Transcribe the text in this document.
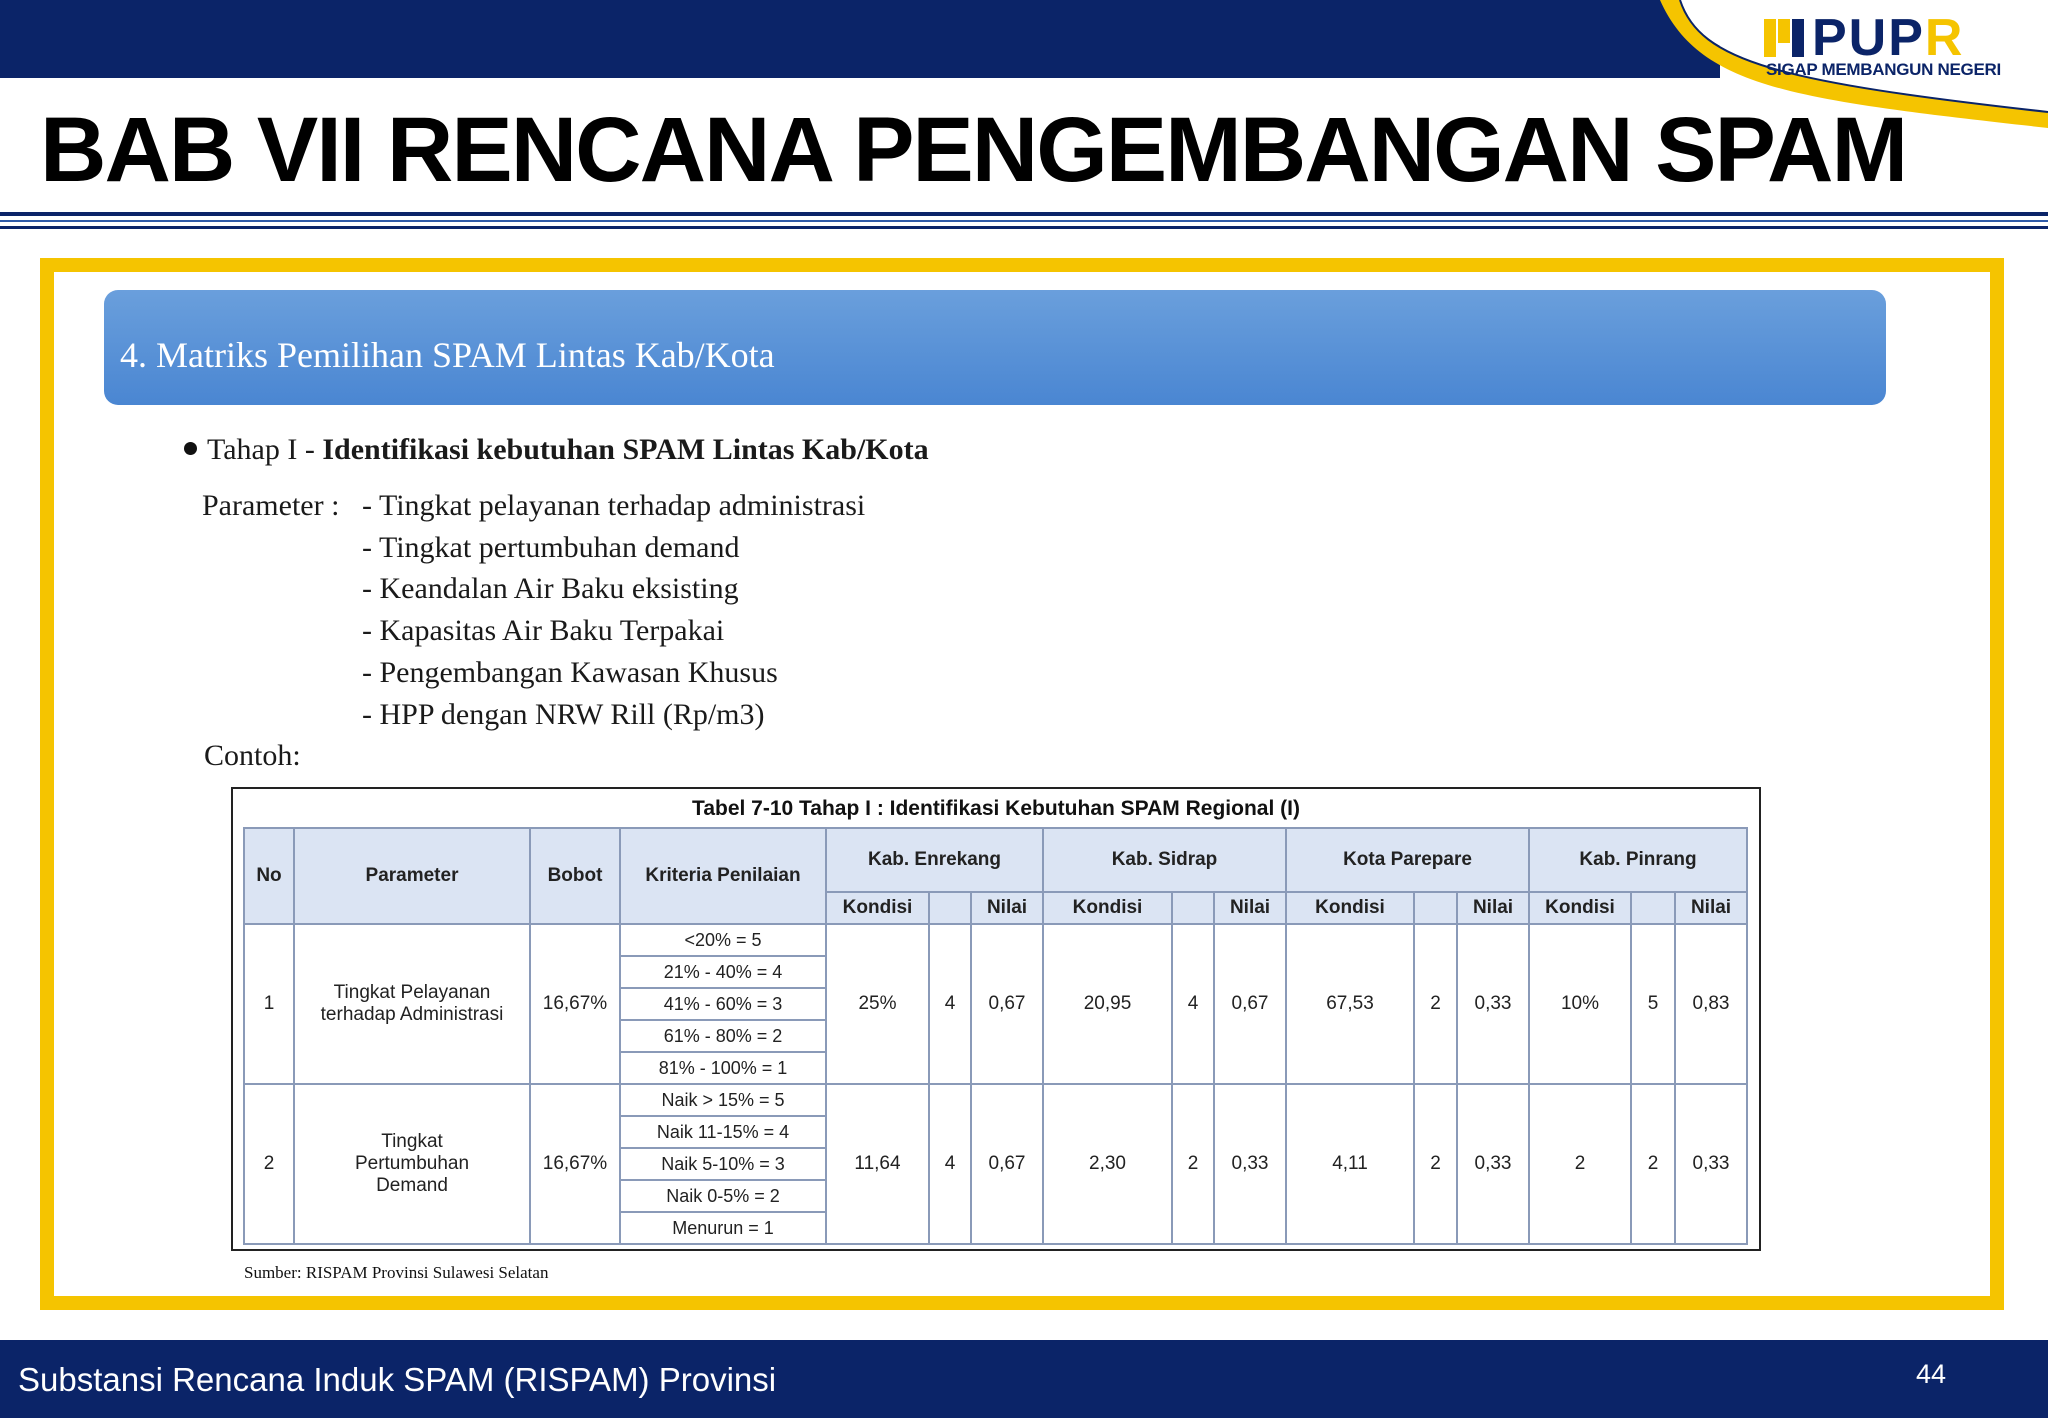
PUPR
SIGAP MEMBANGUN NEGERI
BAB VII RENCANA PENGEMBANGAN SPAM
4. Matriks Pemilihan SPAM Lintas Kab/Kota
Tahap I - Identifikasi kebutuhan SPAM Lintas Kab/Kota
Parameter : - Tingkat pelayanan terhadap administrasi
- Tingkat pertumbuhan demand
- Keandalan Air Baku eksisting
- Kapasitas Air Baku Terpakai
- Pengembangan Kawasan Khusus
- HPP dengan NRW Rill (Rp/m3)
Contoh:
Tabel 7-10 Tahap I : Identifikasi Kebutuhan SPAM Regional (I)
No	Parameter	Bobot	Kriteria Penilaian	Kab. Enrekang			Kab. Sidrap			Kota Parepare			Kab. Pinrang		
				Kondisi		Nilai	Kondisi		Nilai	Kondisi		Nilai	Kondisi		Nilai
1	Tingkat Pelayanan terhadap Administrasi	16,67%	<20% = 5	25%	4	0,67	20,95	4	0,67	67,53	2	0,33	10%	5	0,83
			21% - 40% = 4												
			41% - 60% = 3												
			61% - 80% = 2												
			81% - 100% = 1												
2	Tingkat Pertumbuhan Demand	16,67%	Naik > 15% = 5	11,64	4	0,67	2,30	2	0,33	4,11	2	0,33	2	2	0,33
			Naik 11-15% = 4												
			Naik 5-10% = 3												
			Naik 0-5% = 2												
			Menurun = 1												
Sumber: RISPAM Provinsi Sulawesi Selatan
Substansi Rencana Induk SPAM (RISPAM) Provinsi	44
